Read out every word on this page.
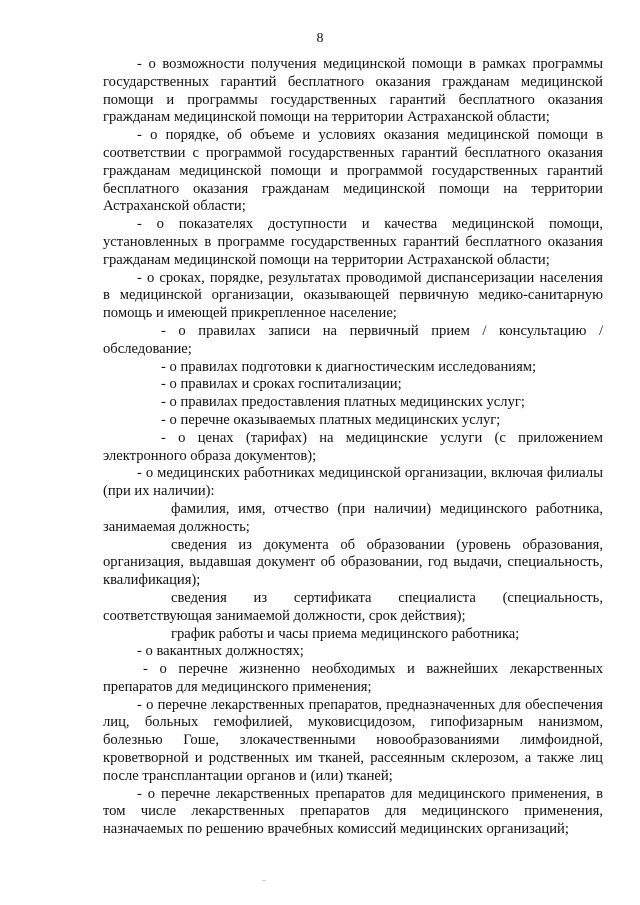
8

- о возможности получения медицинской помощи в рамках программы государственных гарантий бесплатного оказания гражданам медицинской помощи и программы государственных гарантий бесплатного оказания гражданам медицинской помощи на территории Астраханской области;

- о порядке, об объеме и условиях оказания медицинской помощи в соответствии с программой государственных гарантий бесплатного оказания гражданам медицинской помощи и программой государственных гарантий бесплатного оказания гражданам медицинской помощи на территории Астраханской области;

- о показателях доступности и качества медицинской помощи, установленных в программе государственных гарантий бесплатного оказания гражданам медицинской помощи на территории Астраханской области;

- о сроках, порядке, результатах проводимой диспансеризации населения в медицинской организации, оказывающей первичную медико-санитарную помощь и имеющей прикрепленное население;

- о правилах записи на первичный прием / консультацию / обследование;

- о правилах подготовки к диагностическим исследованиям;

- о правилах и сроках госпитализации;

- о правилах предоставления платных медицинских услуг;

- о перечне оказываемых платных медицинских услуг;

- о ценах (тарифах) на медицинские услуги (с приложением электронного образа документов);

- о медицинских работниках медицинской организации, включая филиалы (при их наличии):

фамилия, имя, отчество (при наличии) медицинского работника, занимаемая должность;

сведения из документа об образовании (уровень образования, организация, выдавшая документ об образовании, год выдачи, специальность, квалификация);

сведения из сертификата специалиста (специальность, соответствующая занимаемой должности, срок действия);

график работы и часы приема медицинского работника;

- о вакантных должностях;

- о перечне жизненно необходимых и важнейших лекарственных препаратов для медицинского применения;

- о перечне лекарственных препаратов, предназначенных для обеспечения лиц, больных гемофилией, муковисцидозом, гипофизарным нанизмом, болезнью Гоше, злокачественными новообразованиями лимфоидной, кроветворной и родственных им тканей, рассеянным склерозом, а также лиц после трансплантации органов и (или) тканей;

- о перечне лекарственных препаратов для медицинского применения, в том числе лекарственных препаратов для медицинского применения, назначаемых по решению врачебных комиссий медицинских организаций;
